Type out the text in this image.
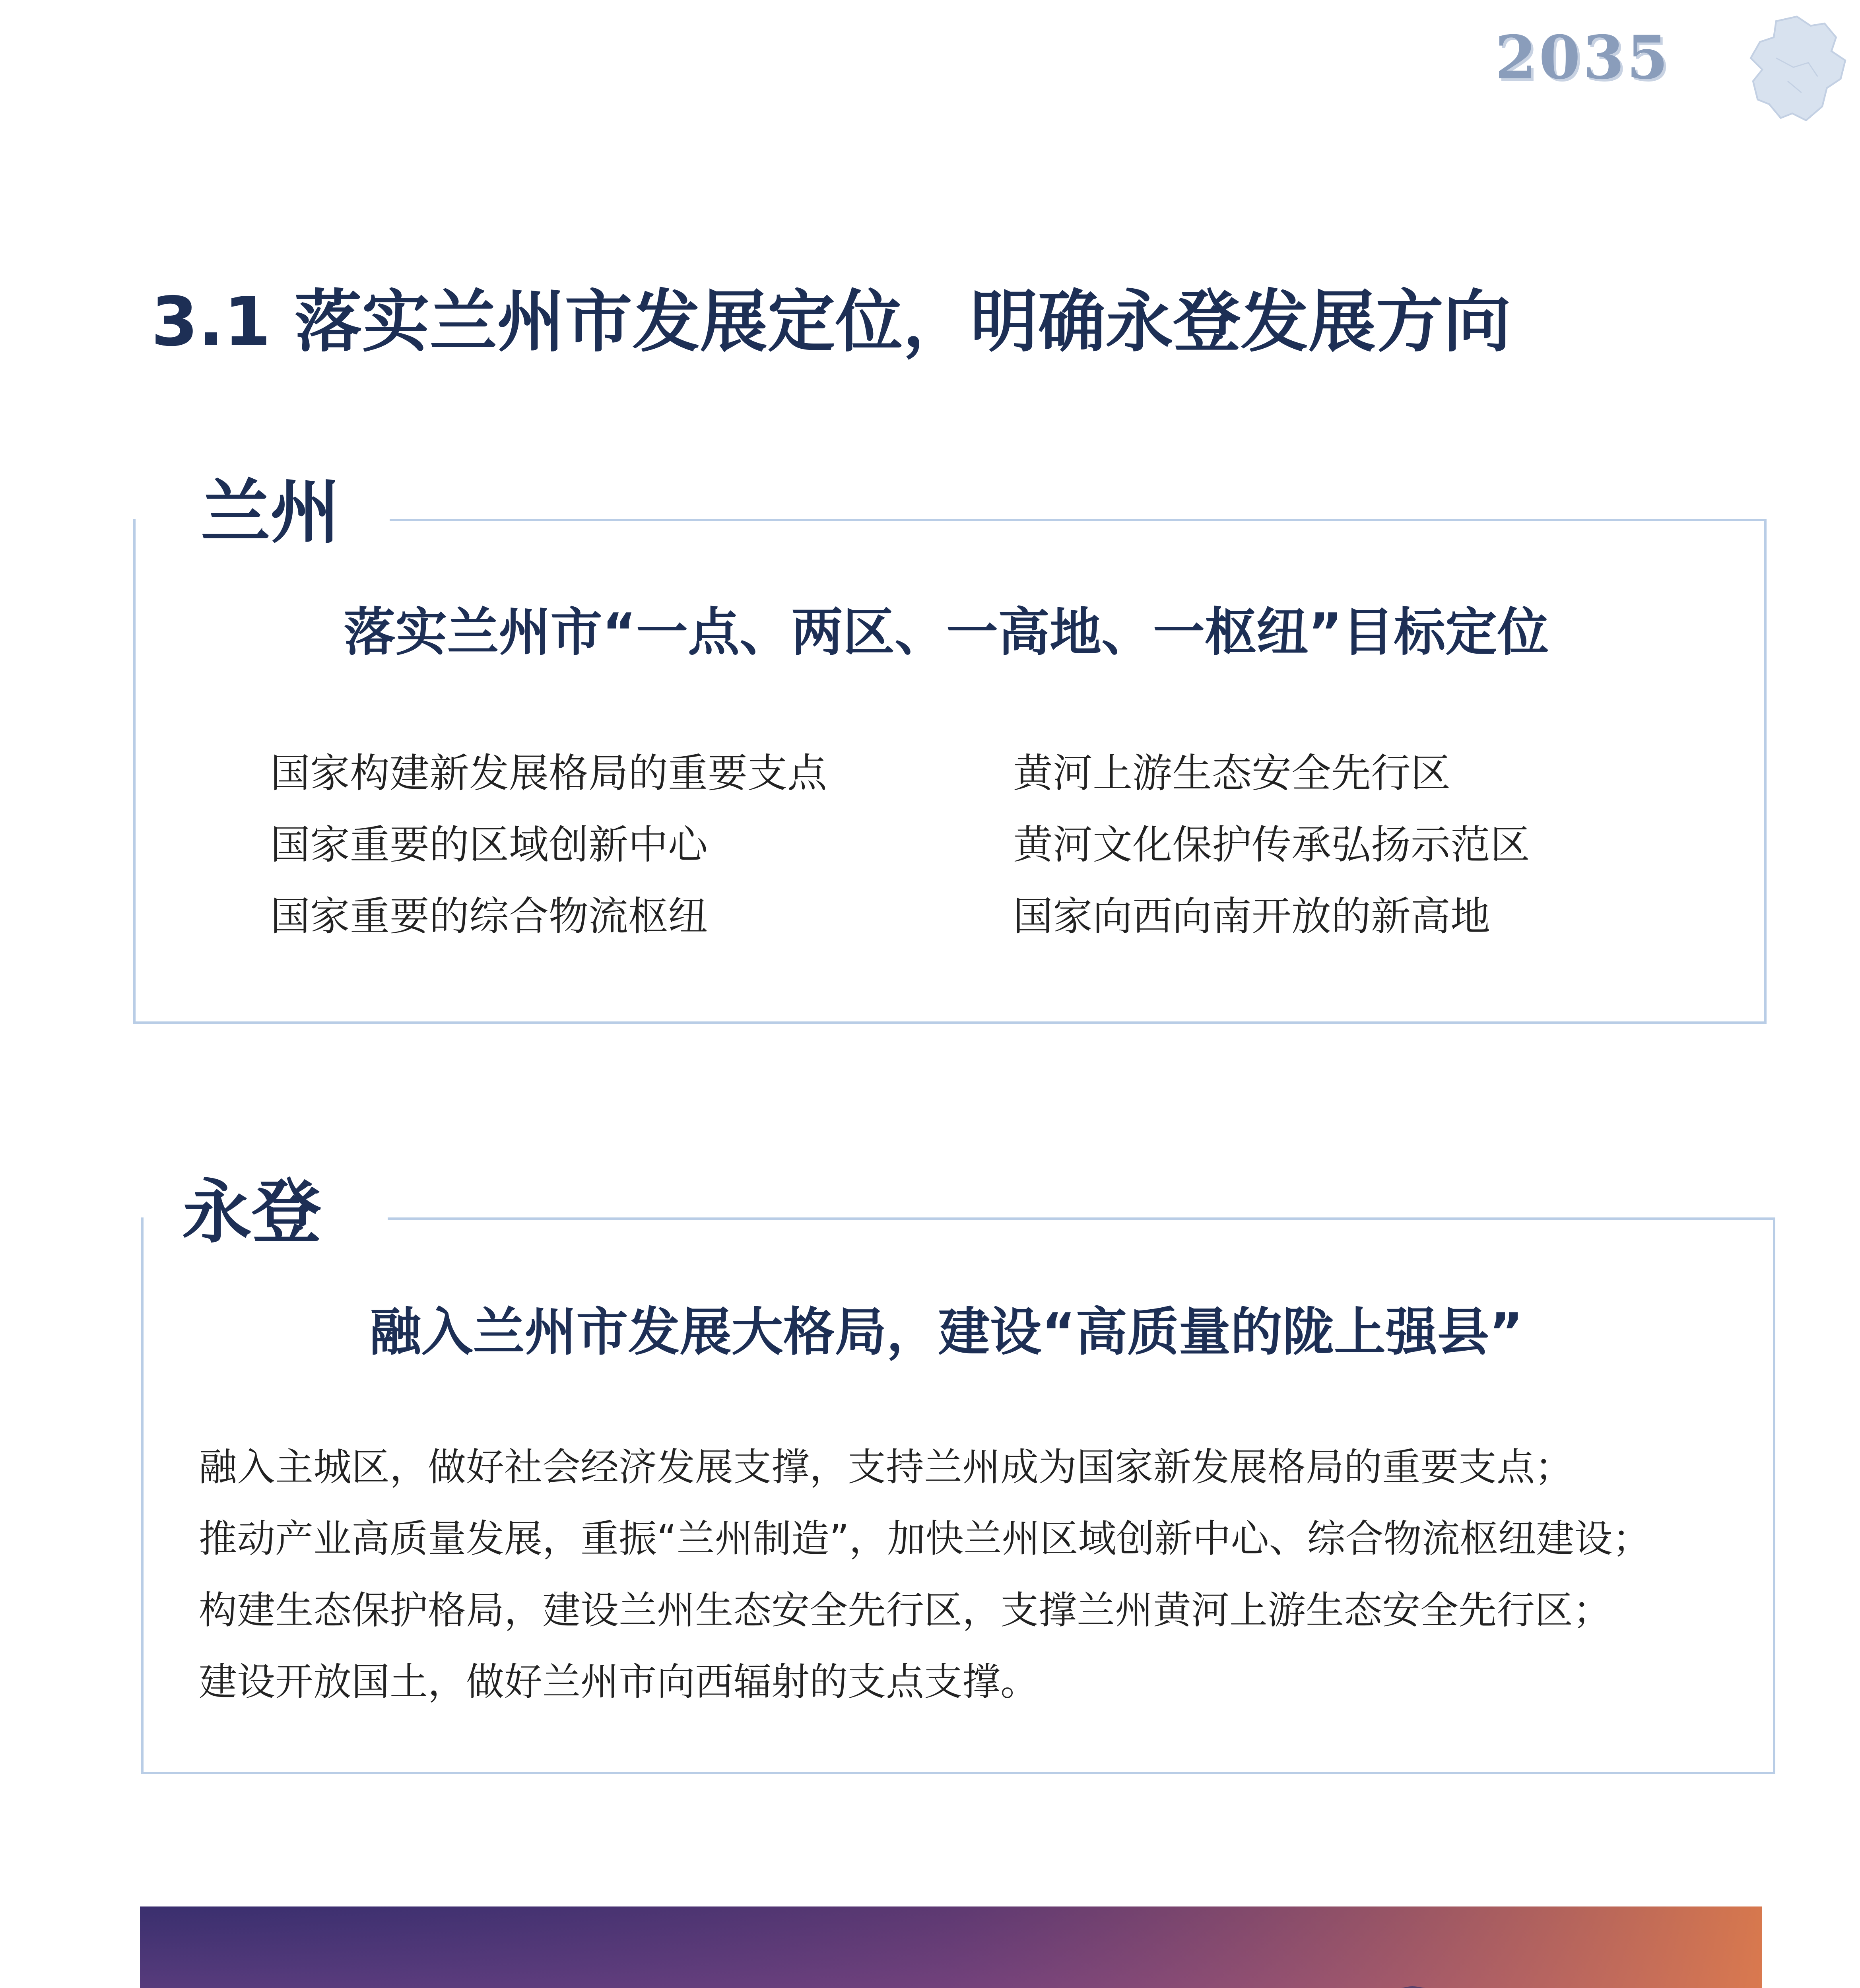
2035
3.1 落实兰州市发展定位，明确永登发展方向
兰州
落实兰州市“一点、两区、一高地、一枢纽”目标定位
国家构建新发展格局的重要支点
国家重要的区域创新中心
国家重要的综合物流枢纽
黄河上游生态安全先行区
黄河文化保护传承弘扬示范区
国家向西向南开放的新高地
永登
融入兰州市发展大格局，建设“高质量的陇上强县”
融入主城区，做好社会经济发展支撑，支持兰州成为国家新发展格局的重要支点；
推动产业高质量发展，重振“兰州制造”，加快兰州区域创新中心、综合物流枢纽建设；
构建生态保护格局，建设兰州生态安全先行区，支撑兰州黄河上游生态安全先行区；
建设开放国土，做好兰州市向西辐射的支点支撑。
